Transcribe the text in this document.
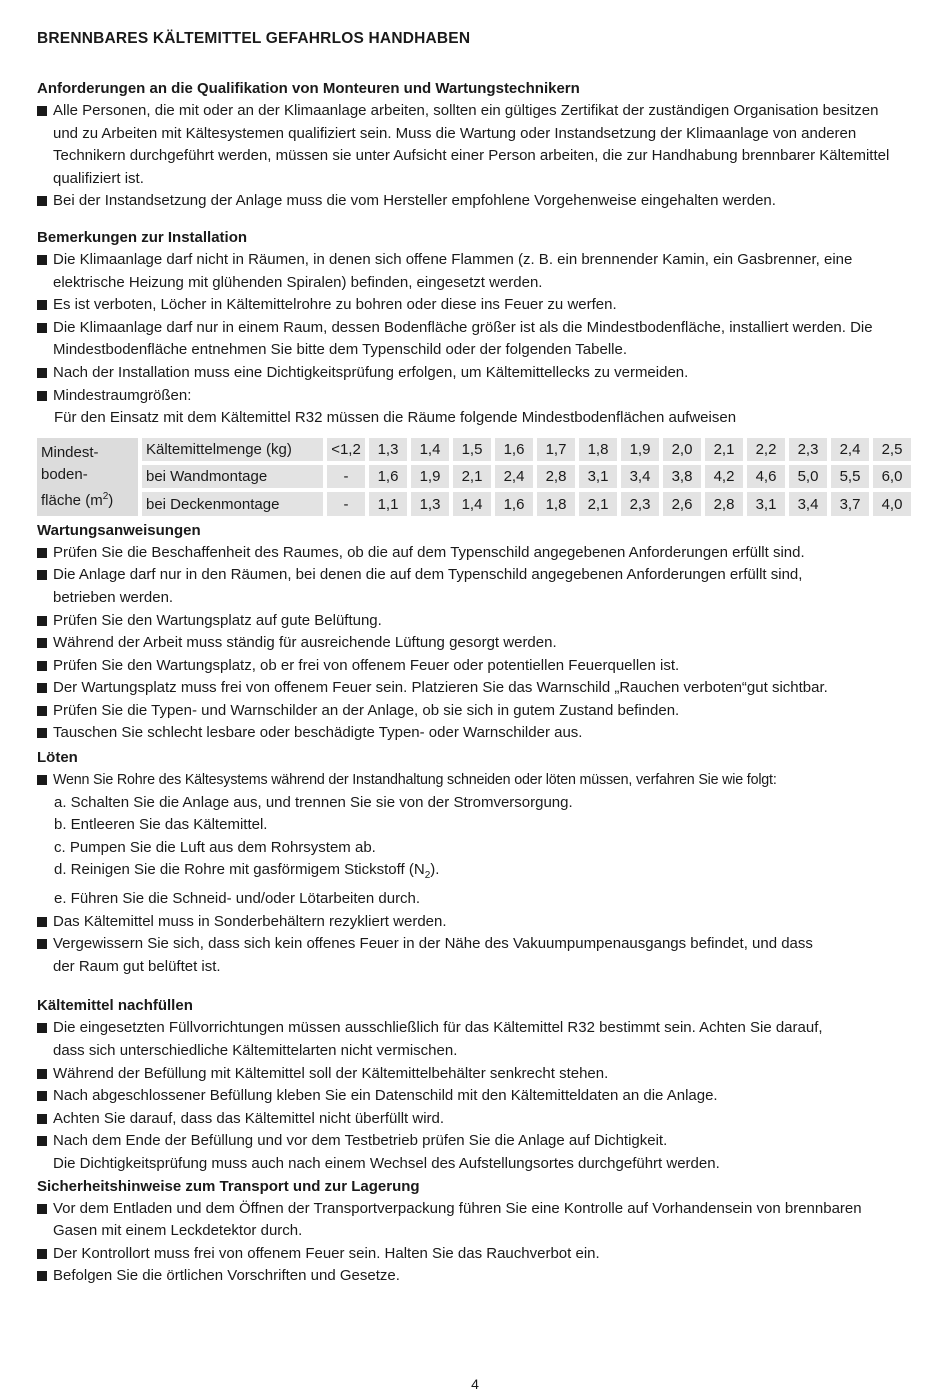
BRENNBARES KÄLTEMITTEL GEFAHRLOS HANDHABEN
Anforderungen an die Qualifikation von Monteuren und Wartungstechnikern
Alle Personen, die mit oder an der Klimaanlage arbeiten, sollten ein gültiges Zertifikat der zuständigen Organisation besitzen
und zu Arbeiten mit Kältesystemen qualifiziert sein. Muss die Wartung oder Instandsetzung der Klimaanlage von anderen
Technikern durchgeführt werden, müssen sie unter Aufsicht einer Person arbeiten, die zur Handhabung brennbarer Kältemittel
qualifiziert ist.
Bei der Instandsetzung der Anlage muss die vom Hersteller empfohlene Vorgehenweise eingehalten werden.
Bemerkungen zur Installation
Die Klimaanlage darf nicht in Räumen, in denen sich offene Flammen (z. B. ein brennender Kamin, ein Gasbrenner, eine
elektrische Heizung mit glühenden Spiralen) befinden, eingesetzt werden.
Es ist verboten, Löcher in Kältemittelrohre zu bohren oder diese ins Feuer zu werfen.
Die Klimaanlage darf nur in einem Raum, dessen Bodenfläche größer ist als die Mindestbodenfläche, installiert werden. Die
Mindestbodenfläche entnehmen Sie bitte dem Typenschild oder der folgenden Tabelle.
Nach der Installation muss eine Dichtigkeitsprüfung erfolgen, um Kältemittellecks zu vermeiden.
Mindestraumgrößen:
Für den Einsatz mit dem Kältemittel R32 müssen die Räume folgende Mindestbodenflächen aufweisen
Mindest-
boden-
fläche $(m^2)$	Kältemittelmenge (kg)	<1,2	1,3	1,4	1,5	1,6	1,7	1,8	1,9	2,0	2,1	2,2	2,3	2,4	2,5
	bei Wandmontage	-	1,6	1,9	2,1	2,4	2,8	3,1	3,4	3,8	4,2	4,6	5,0	5,5	6,0
	bei Deckenmontage	-	1,1	1,3	1,4	1,6	1,8	2,1	2,3	2,6	2,8	3,1	3,4	3,7	4,0
Wartungsanweisungen
Prüfen Sie die Beschaffenheit des Raumes, ob die auf dem Typenschild angegebenen Anforderungen erfüllt sind.
Die Anlage darf nur in den Räumen, bei denen die auf dem Typenschild angegebenen Anforderungen erfüllt sind,
betrieben werden.
Prüfen Sie den Wartungsplatz auf gute Belüftung.
Während der Arbeit muss ständig für ausreichende Lüftung gesorgt werden.
Prüfen Sie den Wartungsplatz, ob er frei von offenem Feuer oder potentiellen Feuerquellen ist.
Der Wartungsplatz muss frei von offenem Feuer sein. Platzieren Sie das Warnschild „Rauchen verboten“gut sichtbar.
Prüfen Sie die Typen- und Warnschilder an der Anlage, ob sie sich in gutem Zustand befinden.
Tauschen Sie schlecht lesbare oder beschädigte Typen- oder Warnschilder aus.
Löten
Wenn Sie Rohre des Kältesystems während der Instandhaltung schneiden oder löten müssen, verfahren Sie wie folgt:
a. Schalten Sie die Anlage aus, und trennen Sie sie von der Stromversorgung.
b. Entleeren Sie das Kältemittel.
c. Pumpen Sie die Luft aus dem Rohrsystem ab.
d. Reinigen Sie die Rohre mit gasförmigem Stickstoff $(N_2)$.
e. Führen Sie die Schneid- und/oder Lötarbeiten durch.
Das Kältemittel muss in Sonderbehältern rezykliert werden.
Vergewissern Sie sich, dass sich kein offenes Feuer in der Nähe des Vakuumpumpenausgangs befindet, und dass
der Raum gut belüftet ist.
Kältemittel nachfüllen
Die eingesetzten Füllvorrichtungen müssen ausschließlich für das Kältemittel R32 bestimmt sein. Achten Sie darauf,
dass sich unterschiedliche Kältemittelarten nicht vermischen.
Während der Befüllung mit Kältemittel soll der Kältemittelbehälter senkrecht stehen.
Nach abgeschlossener Befüllung kleben Sie ein Datenschild mit den Kältemitteldaten an die Anlage.
Achten Sie darauf, dass das Kältemittel nicht überfüllt wird.
Nach dem Ende der Befüllung und vor dem Testbetrieb prüfen Sie die Anlage auf Dichtigkeit.
Die Dichtigkeitsprüfung muss auch nach einem Wechsel des Aufstellungsortes durchgeführt werden.
Sicherheitshinweise zum Transport und zur Lagerung
Vor dem Entladen und dem Öffnen der Transportverpackung führen Sie eine Kontrolle auf Vorhandensein von brennbaren
Gasen mit einem Leckdetektor durch.
Der Kontrollort muss frei von offenem Feuer sein. Halten Sie das Rauchverbot ein.
Befolgen Sie die örtlichen Vorschriften und Gesetze.
4
